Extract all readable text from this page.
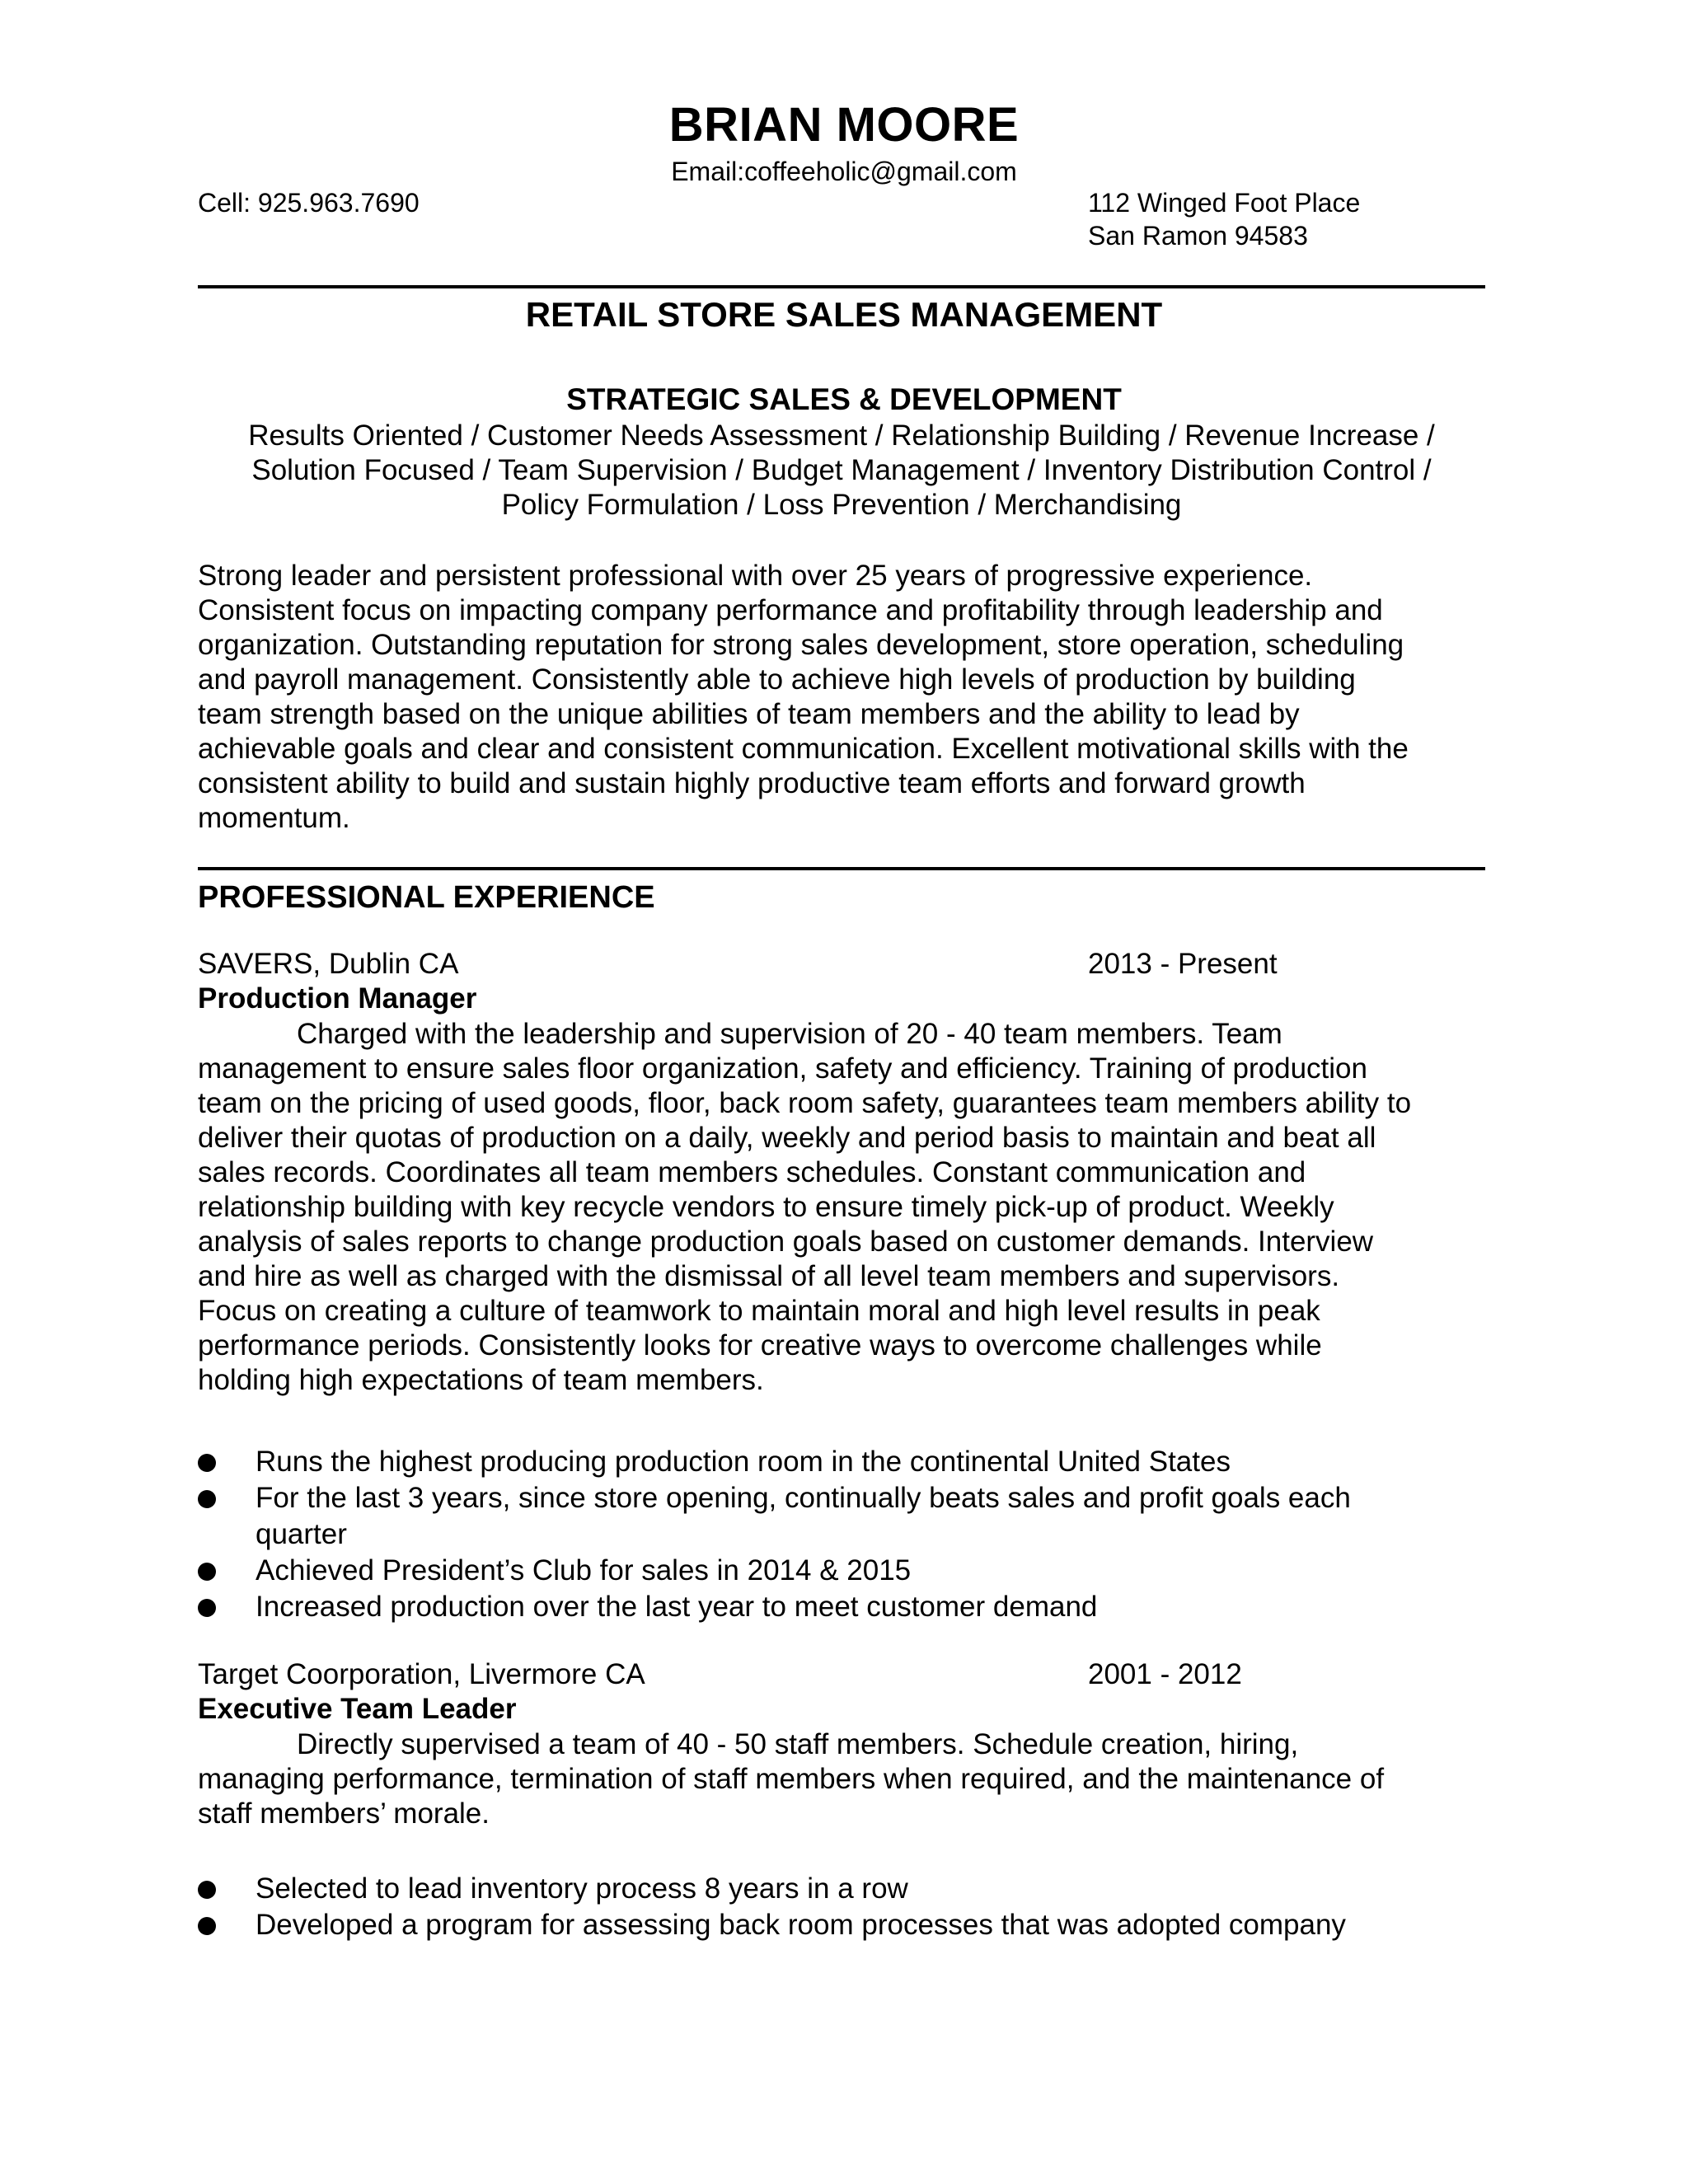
BRIAN MOORE
Email:coffeeholic@gmail.com
Cell: 925.963.7690	112 Winged Foot Place
San Ramon 94583
RETAIL STORE SALES MANAGEMENT
STRATEGIC SALES & DEVELOPMENT
Results Oriented / Customer Needs Assessment / Relationship Building / Revenue Increase /
Solution Focused / Team Supervision / Budget Management / Inventory Distribution Control /
Policy Formulation / Loss Prevention / Merchandising
Strong leader and persistent professional with over 25 years of progressive experience.
Consistent focus on impacting company performance and profitability through leadership and
organization. Outstanding reputation for strong sales development, store operation, scheduling
and payroll management. Consistently able to achieve high levels of production by building
team strength based on the unique abilities of team members and the ability to lead by
achievable goals and clear and consistent communication. Excellent motivational skills with the
consistent ability to build and sustain highly productive team efforts and forward growth
momentum.
PROFESSIONAL EXPERIENCE
SAVERS, Dublin CA	2013 - Present
Production Manager
Charged with the leadership and supervision of 20 - 40 team members. Team
management to ensure sales floor organization, safety and efficiency. Training of production
team on the pricing of used goods, floor, back room safety, guarantees team members ability to
deliver their quotas of production on a daily, weekly and period basis to maintain and beat all
sales records. Coordinates all team members schedules. Constant communication and
relationship building with key recycle vendors to ensure timely pick-up of product. Weekly
analysis of sales reports to change production goals based on customer demands. Interview
and hire as well as charged with the dismissal of all level team members and supervisors.
Focus on creating a culture of teamwork to maintain moral and high level results in peak
performance periods. Consistently looks for creative ways to overcome challenges while
holding high expectations of team members.
Runs the highest producing production room in the continental United States
For the last 3 years, since store opening, continually beats sales and profit goals each
quarter
Achieved President’s Club for sales in 2014 & 2015
Increased production over the last year to meet customer demand
Target Coorporation, Livermore CA	2001 - 2012
Executive Team Leader
Directly supervised a team of 40 - 50 staff members. Schedule creation, hiring,
managing performance, termination of staff members when required, and the maintenance of
staff members’ morale.
Selected to lead inventory process 8 years in a row
Developed a program for assessing back room processes that was adopted company
